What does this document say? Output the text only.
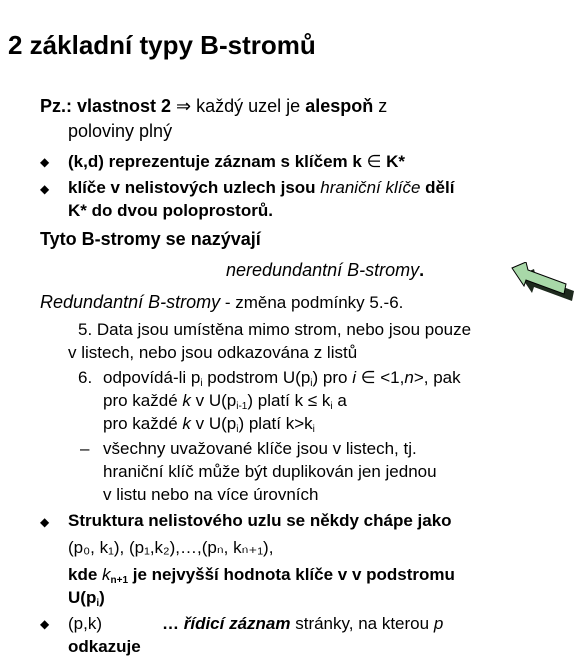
2 základní typy B-stromů
Pz.: vlastnost 2 ⇒ každý uzel je alespoň z
poloviny plný
◆ (k,d) reprezentuje záznam s klíčem k ∈ K*
◆ klíče v nelistových uzlech jsou hraniční klíče dělí
K* do dvou poloprostorů.
Tyto B-stromy se nazývají
neredundantní B-stromy.
Redundantní B-stromy - změna podmínky 5.-6.
5. Data jsou umístěna mimo strom, nebo jsou pouze
v listech, nebo jsou odkazována z listů
6. odpovídá-li $p_i$ podstrom $U(p_i)$ pro i ∈ <1,n>, pak
pro každé k v $U(p_{i-1})$ platí $k \le k_i$ a
pro každé k v $U(p_i)$ platí $k>k_i$
– všechny uvažované klíče jsou v listech, tj.
hraniční klíč může být duplikován jen jednou
v listu nebo na více úrovních
◆ Struktura nelistového uzlu se někdy chápe jako
(p₀, k₁), (p₁,k₂),…,(pₙ, kₙ₊₁),
kde $k_{n+1}$ je nejvyšší hodnota klíče v v podstromu
$U(p_i)$
◆ (p,k)	… řídicí záznam stránky, na kterou p
odkazuje
